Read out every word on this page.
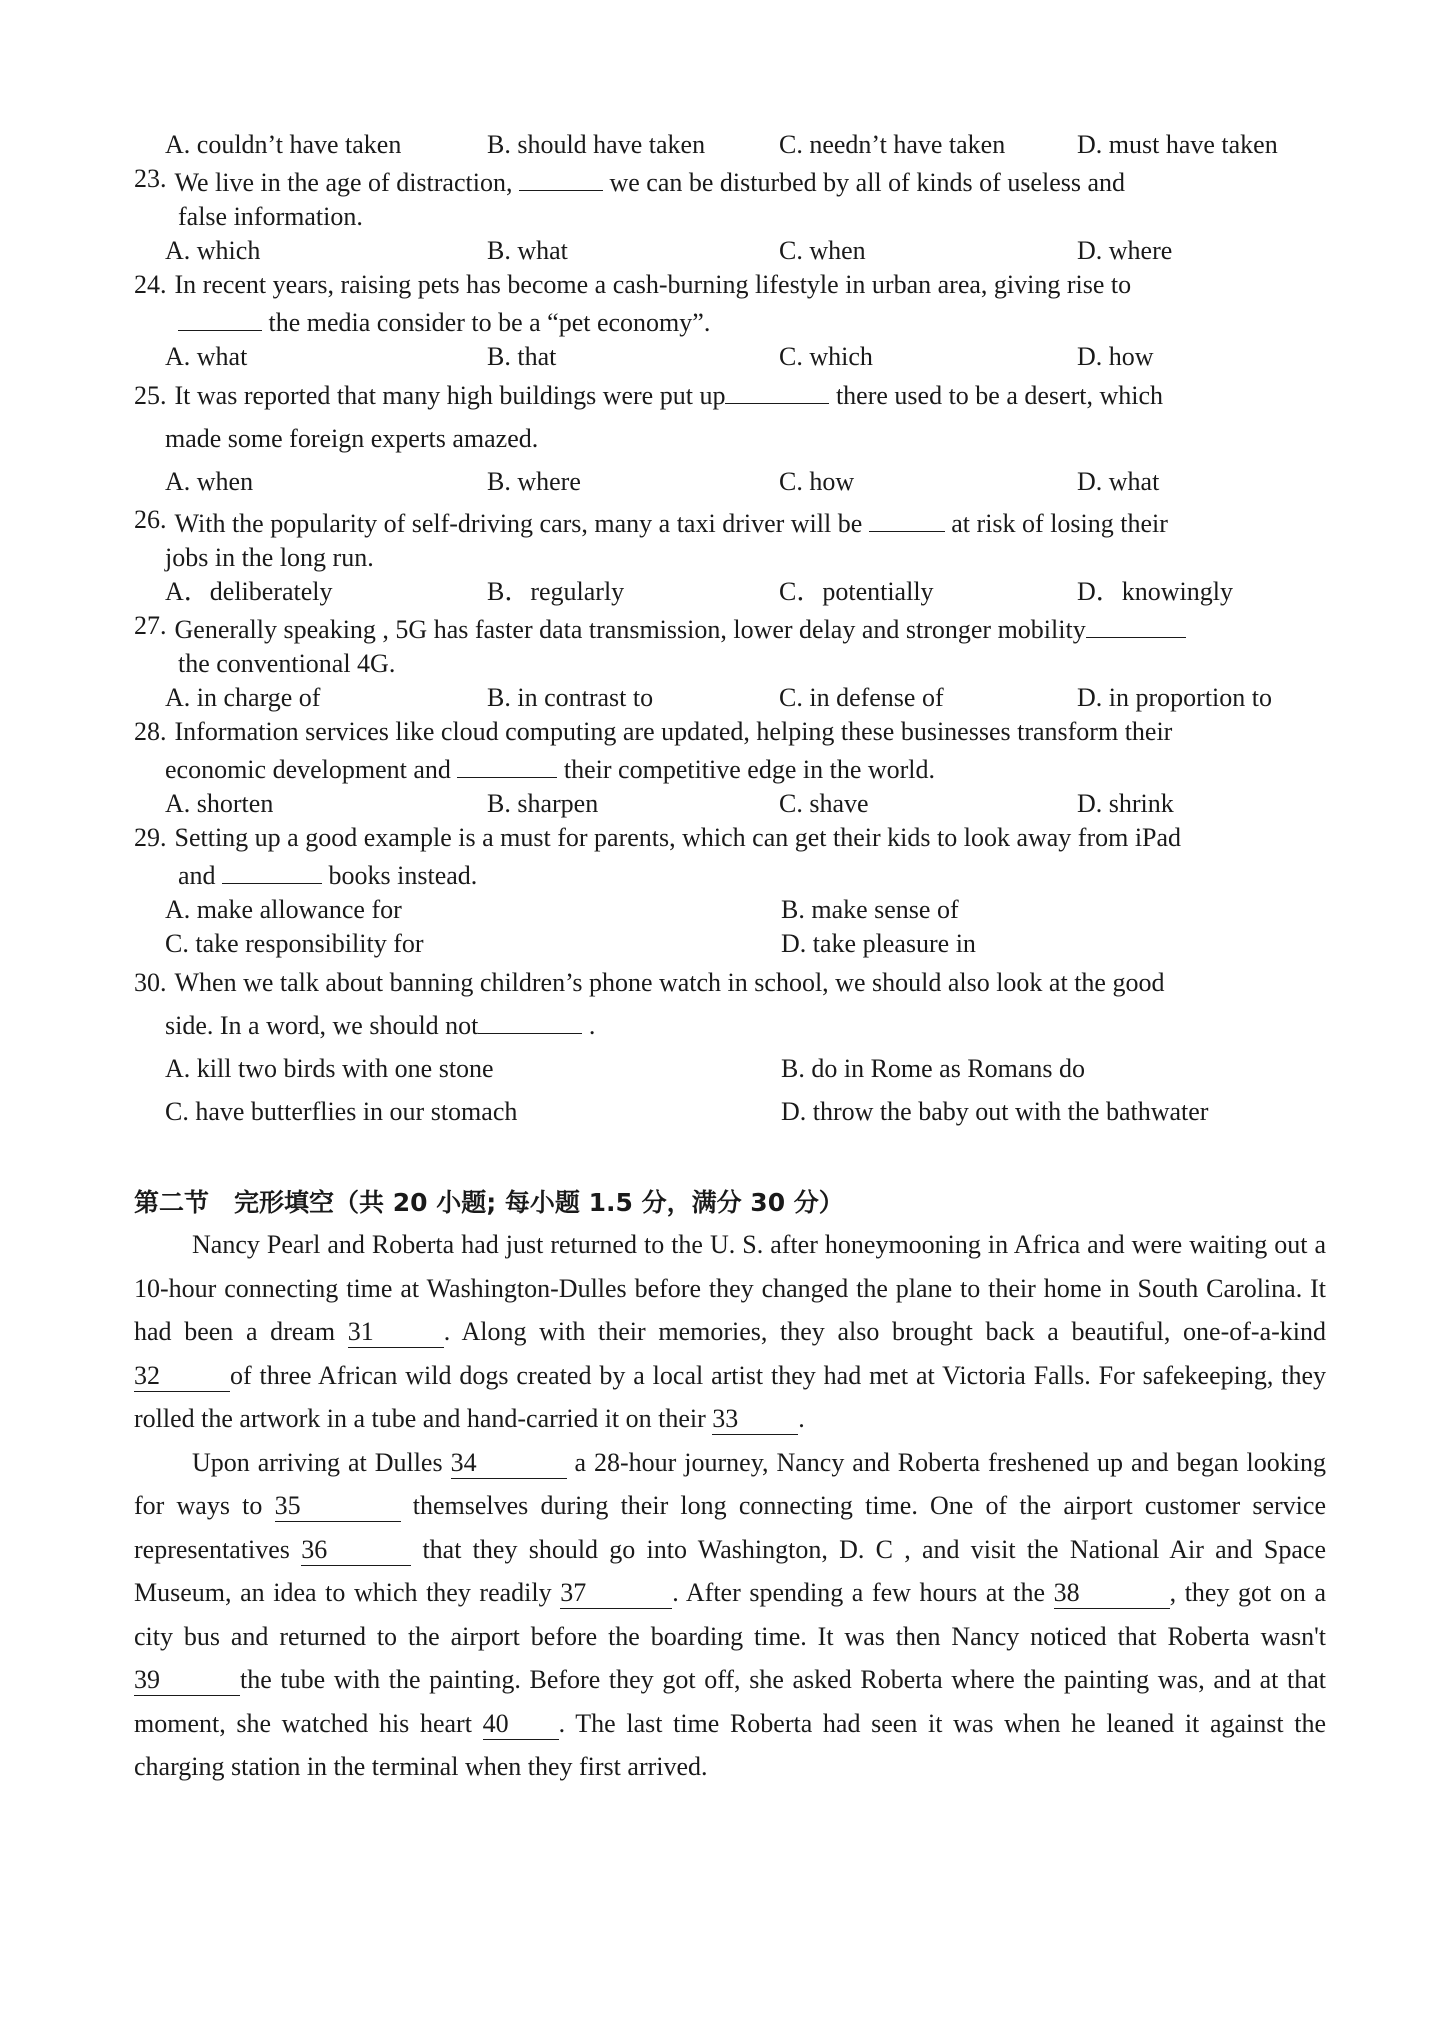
A. couldn’t have taken	B. should have taken	C. needn’t have taken	D. must have taken
23. We live in the age of distraction,	we can be disturbed by all of kinds of useless and
false information.
A. which	B. what	C. when	D. where
24. In recent years, raising pets has become a cash-burning lifestyle in urban area, giving rise to
the media consider to be a “pet economy”.
A. what	B. that	C. which	D. how
25. It was reported that many high buildings were put up	there used to be a desert, which
made some foreign experts amazed.
A. when	B. where	C. how	D. what
26. With the popularity of self-driving cars, many a taxi driver will be	at risk of losing their
jobs in the long run.
A．deliberately	B．regularly	C．potentially	D．knowingly
27. Generally speaking , 5G has faster data transmission, lower delay and stronger mobility
the conventional 4G.
A. in charge of	B. in contrast to	C. in defense of	D. in proportion to
28. Information services like cloud computing are updated, helping these businesses transform their
economic development and	their competitive edge in the world.
A. shorten	B. sharpen	C. shave	D. shrink
29. Setting up a good example is a must for parents, which can get their kids to look away from iPad
and	books instead.
A. make allowance for	B. make sense of
C. take responsibility for	D. take pleasure in
30. When we talk about banning children’s phone watch in school, we should also look at the good
side. In a word, we should not	.
A. kill two birds with one stone	B. do in Rome as Romans do
C. have butterflies in our stomach	D. throw the baby out with the bathwater
第二节　完形填空（共 20 小题; 每小题 1.5 分，满分 30 分）

Nancy Pearl and Roberta had just returned to the U. S. after honeymooning in Africa and were waiting out a 10-hour connecting time at Washington-Dulles before they changed the plane to their home in South Carolina. It had been a dream 31	. Along with their memories, they also brought back a beautiful, one-of-a-kind 32	of three African wild dogs created by a local artist they had met at Victoria Falls. For safekeeping, they rolled the artwork in a tube and hand-carried it on their 33 .

Upon arriving at Dulles 34	a 28-hour journey, Nancy and Roberta freshened up and began looking for ways to 35	themselves during their long connecting time. One of the airport customer service representatives 36	that they should go into Washington, D. C , and visit the National Air and Space Museum, an idea to which they readily 37	. After spending a few hours at the 38	, they got on a city bus and returned to the airport before the boarding time. It was then Nancy noticed that Roberta wasn't 39	the tube with the painting. Before they got off, she asked Roberta where the painting was, and at that moment, she watched his heart 40 . The last time Roberta had seen it was when he leaned it against the charging station in the terminal when they first arrived.
